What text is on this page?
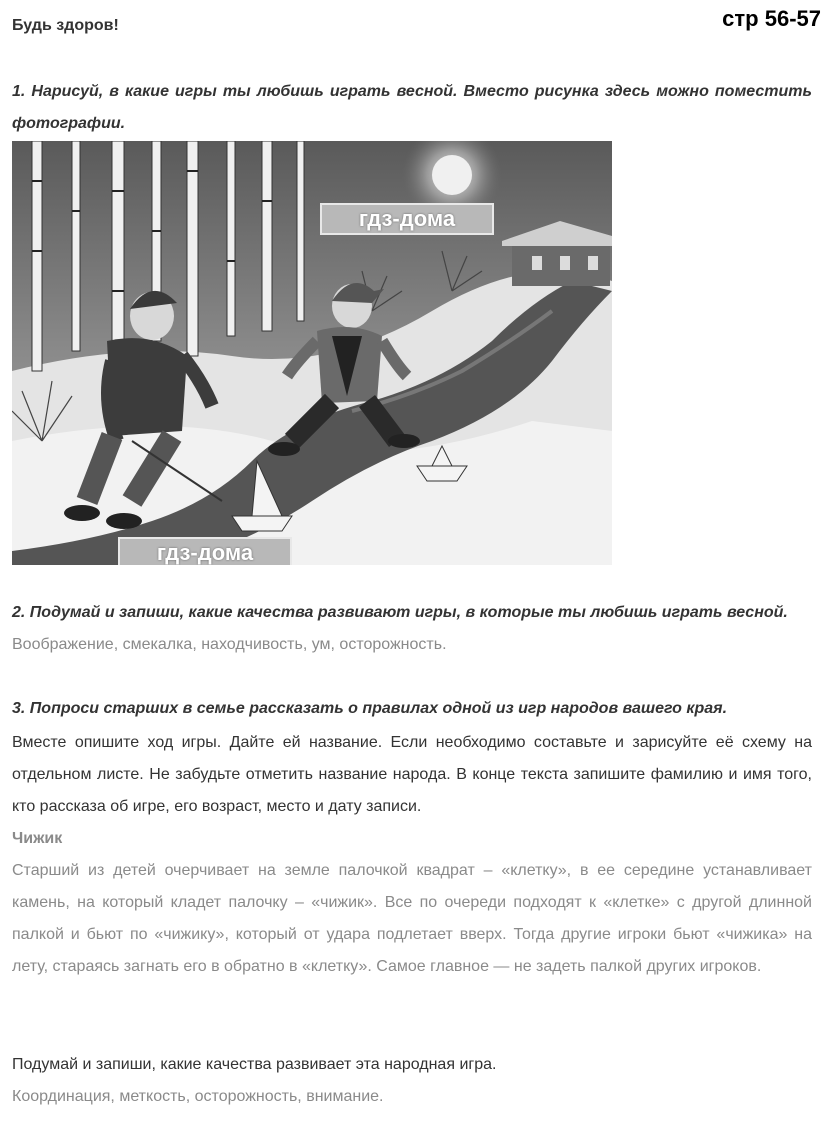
Будь здоров!	стр 56-57
1. Нарисуй, в какие игры ты любишь играть весной. Вместо рисунка здесь можно поместить фотографии.
гдз-дома
гдз-дома
2. Подумай и запиши, какие качества развивают игры, в которые ты любишь играть весной.
Воображение, смекалка, находчивость, ум, осторожность.
3. Попроси старших в семье рассказать о правилах одной из игр народов вашего края.
Вместе опишите ход игры. Дайте ей название. Если необходимо составьте и зарисуйте её схему на отдельном листе. Не забудьте отметить название народа. В конце текста запишите фамилию и имя того, кто рассказа об игре, его возраст, место и дату записи.
Чижик
Старший из детей очерчивает на земле палочкой квадрат – «клетку», в ее середине устанавливает камень, на который кладет палочку – «чижик». Все по очереди подходят к «клетке» с другой длинной палкой и бьют по «чижику», который от удара подлетает вверх. Тогда другие игроки бьют «чижика» на лету, стараясь загнать его в обратно в «клетку». Самое главное — не задеть палкой других игроков.
Подумай и запиши, какие качества развивает эта народная игра.
Координация, меткость, осторожность, внимание.
